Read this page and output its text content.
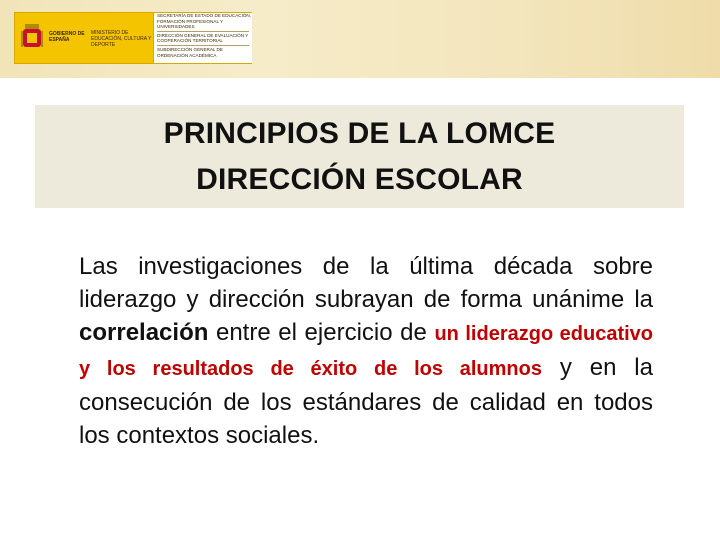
GOBIERNO DE ESPAÑA
MINISTERIO DE EDUCACIÓN, CULTURA Y DEPORTE
SECRETARÍA DE ESTADO DE EDUCACIÓN, FORMACIÓN PROFESIONAL Y UNIVERSIDADES
DIRECCIÓN GENERAL DE EVALUACIÓN Y COOPERACIÓN TERRITORIAL
SUBDIRECCIÓN GENERAL DE ORDENACIÓN ACADÉMICA
PRINCIPIOS DE LA LOMCE
DIRECCIÓN ESCOLAR
Las investigaciones de la última década sobre liderazgo y dirección subrayan de forma unánime la correlación entre el ejercicio de un liderazgo educativo y los resultados de éxito de los alumnos y en la consecución de los estándares de calidad en todos los contextos sociales.
